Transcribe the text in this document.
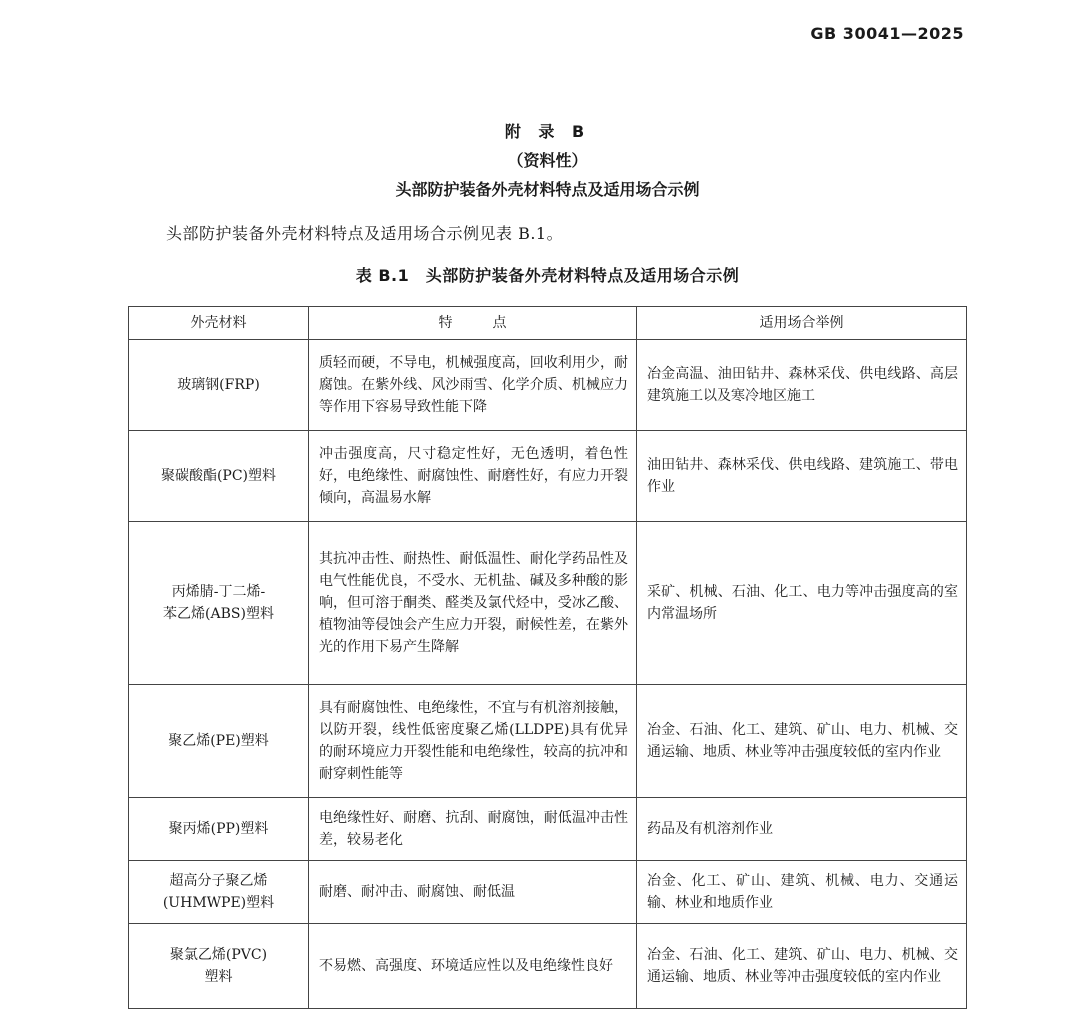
GB 30041—2025
附 录 B
（资料性）
头部防护装备外壳材料特点及适用场合示例
头部防护装备外壳材料特点及适用场合示例见表 B.1。
表 B.1　头部防护装备外壳材料特点及适用场合示例
外壳材料	特点	适用场合举例
玻璃钢(FRP)	质轻而硬，不导电，机械强度高，回收利用少，耐腐蚀。在紫外线、风沙雨雪、化学介质、机械应力等作用下容易导致性能下降	冶金高温、油田钻井、森林采伐、供电线路、高层建筑施工以及寒冷地区施工
聚碳酸酯(PC)塑料	冲击强度高，尺寸稳定性好，无色透明，着色性好，电绝缘性、耐腐蚀性、耐磨性好，有应力开裂倾向，高温易水解	油田钻井、森林采伐、供电线路、建筑施工、带电作业

丙烯腈-丁二烯-
苯乙烯(ABS)塑料	其抗冲击性、耐热性、耐低温性、耐化学药品性及电气性能优良，不受水、无机盐、碱及多种酸的影响，但可溶于酮类、醛类及氯代烃中，受冰乙酸、植物油等侵蚀会产生应力开裂，耐候性差，在紫外光的作用下易产生降解	采矿、机械、石油、化工、电力等冲击强度高的室内常温场所
聚乙烯(PE)塑料	具有耐腐蚀性、电绝缘性，不宜与有机溶剂接触，以防开裂，线性低密度聚乙烯(LLDPE)具有优异的耐环境应力开裂性能和电绝缘性，较高的抗冲和耐穿刺性能等	冶金、石油、化工、建筑、矿山、电力、机械、交通运输、地质、林业等冲击强度较低的室内作业
聚丙烯(PP)塑料	电绝缘性好、耐磨、抗刮、耐腐蚀，耐低温冲击性差，较易老化	药品及有机溶剂作业

超高分子聚乙烯
(UHMWPE)塑料	耐磨、耐冲击、耐腐蚀、耐低温	冶金、化工、矿山、建筑、机械、电力、交通运输、林业和地质作业

聚氯乙烯(PVC)
塑料	不易燃、高强度、环境适应性以及电绝缘性良好	冶金、石油、化工、建筑、矿山、电力、机械、交通运输、地质、林业等冲击强度较低的室内作业
